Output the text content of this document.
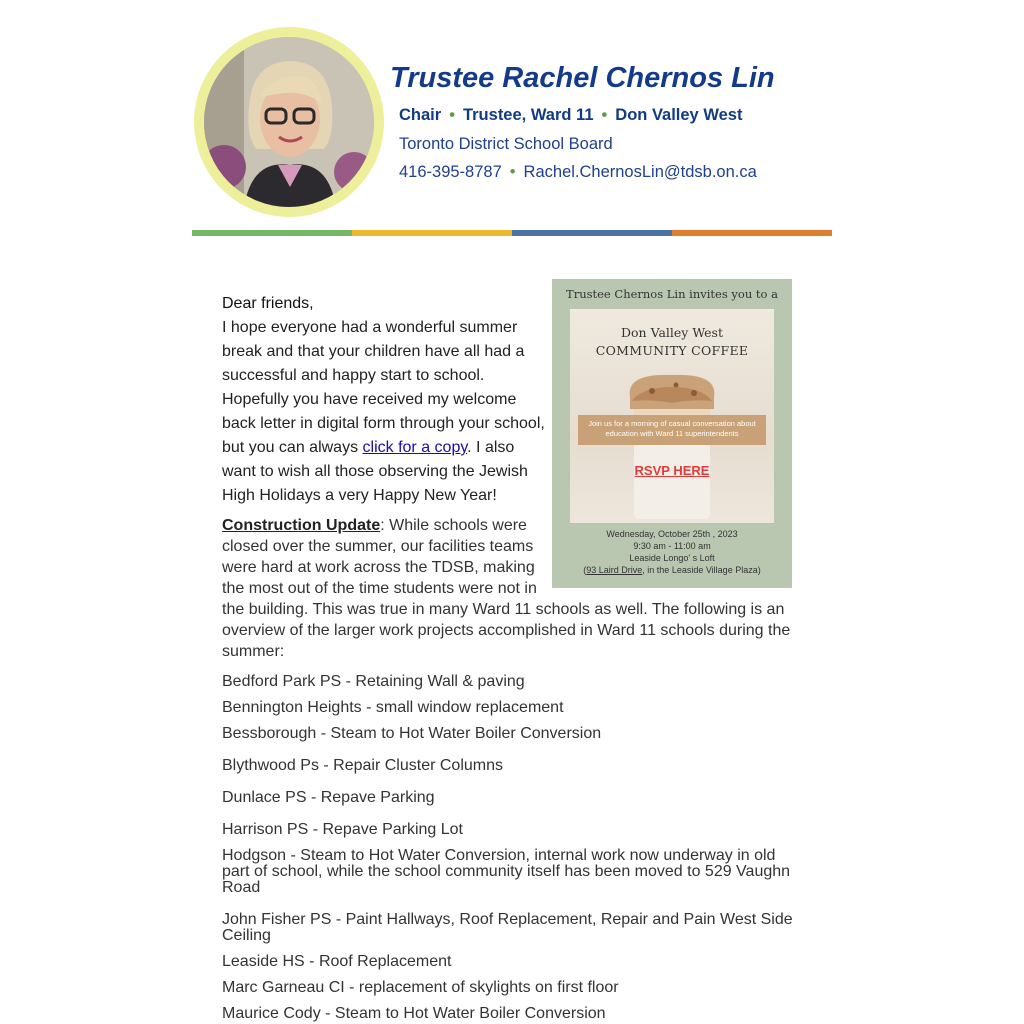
Trustee Rachel Chernos Lin
Chair • Trustee, Ward 11 • Don Valley West
Toronto District School Board
416-395-8787 • Rachel.ChernosLin@tdsb.on.ca
Trustee Chernos Lin invites you to a
Don Valley West
COMMUNITY COFFEE
Join us for a morning of casual conversation about education with Ward 11 superintendents
RSVP HERE
Wednesday, October 25th , 2023
9:30 am - 11:00 am
Leaside Longo' s Loft
(93 Laird Drive, in the Leaside Village Plaza)
Dear friends,
I hope everyone had a wonderful summer break and that your children have all had a successful and happy start to school. Hopefully you have received my welcome back letter in digital form through your school, but you can always click for a copy. I also want to wish all those observing the Jewish High Holidays a very Happy New Year!
Construction Update: While schools were closed over the summer, our facilities teams were hard at work across the TDSB, making the most out of the time students were not in the building. This was true in many Ward 11 schools as well. The following is an overview of the larger work projects accomplished in Ward 11 schools during the summer:
Bedford Park PS - Retaining Wall & paving
Bennington Heights - small window replacement
Bessborough - Steam to Hot Water Boiler Conversion
Blythwood Ps - Repair Cluster Columns
Dunlace PS - Repave Parking
Harrison PS - Repave Parking Lot
Hodgson - Steam to Hot Water Conversion, internal work now underway in old part of school, while the school community itself has been moved to 529 Vaughn Road
John Fisher PS - Paint Hallways, Roof Replacement, Repair and Pain West Side Ceiling
Leaside HS - Roof Replacement
Marc Garneau CI - replacement of skylights on first floor
Maurice Cody - Steam to Hot Water Boiler Conversion
